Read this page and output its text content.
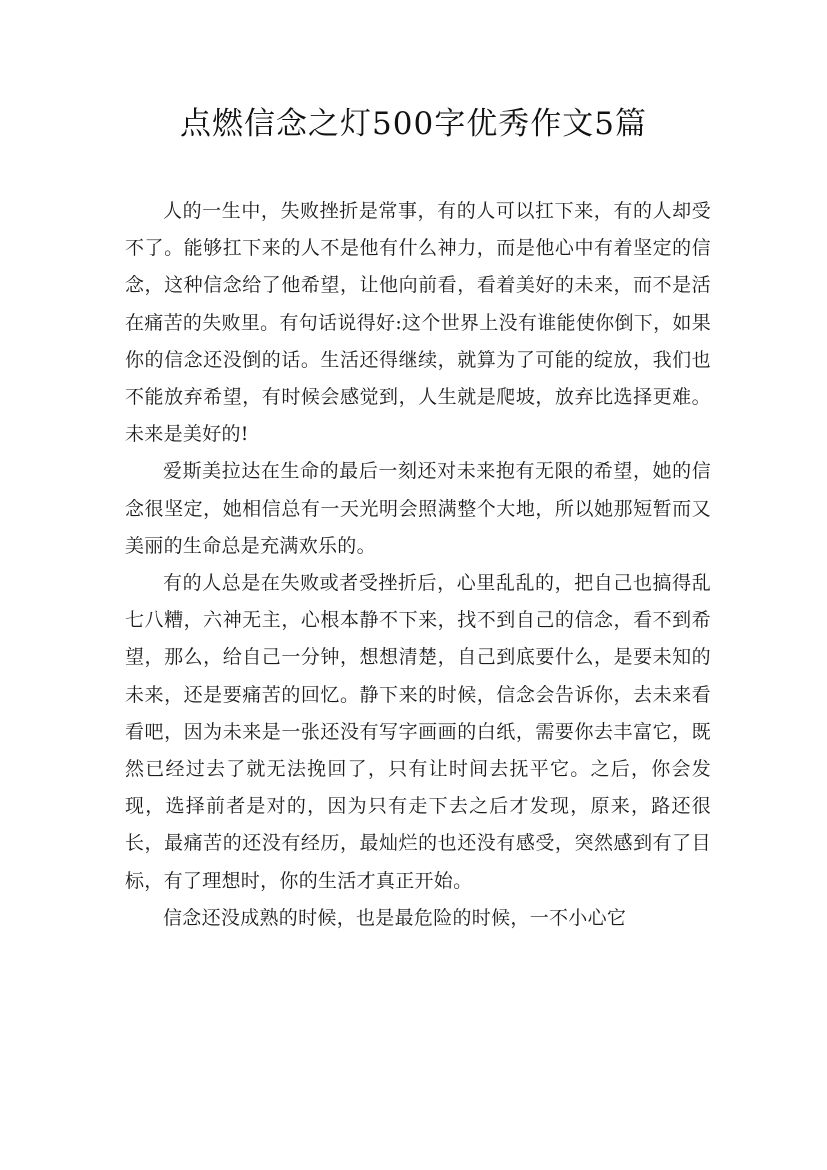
点燃信念之灯500字优秀作文5篇

人的一生中，失败挫折是常事，有的人可以扛下来，有的人却受不了。能够扛下来的人不是他有什么神力，而是他心中有着坚定的信念，这种信念给了他希望，让他向前看，看着美好的未来，而不是活在痛苦的失败里。有句话说得好:这个世界上没有谁能使你倒下，如果你的信念还没倒的话。生活还得继续，就算为了可能的绽放，我们也不能放弃希望，有时候会感觉到，人生就是爬坡，放弃比选择更难。未来是美好的!

爱斯美拉达在生命的最后一刻还对未来抱有无限的希望，她的信念很坚定，她相信总有一天光明会照满整个大地，所以她那短暂而又美丽的生命总是充满欢乐的。

有的人总是在失败或者受挫折后，心里乱乱的，把自己也搞得乱七八糟，六神无主，心根本静不下来，找不到自己的信念，看不到希望，那么，给自己一分钟，想想清楚，自己到底要什么，是要未知的未来，还是要痛苦的回忆。静下来的时候，信念会告诉你，去未来看看吧，因为未来是一张还没有写字画画的白纸，需要你去丰富它，既然已经过去了就无法挽回了，只有让时间去抚平它。之后，你会发现，选择前者是对的，因为只有走下去之后才发现，原来，路还很长，最痛苦的还没有经历，最灿烂的也还没有感受，突然感到有了目标，有了理想时，你的生活才真正开始。

信念还没成熟的时候，也是最危险的时候，一不小心它
